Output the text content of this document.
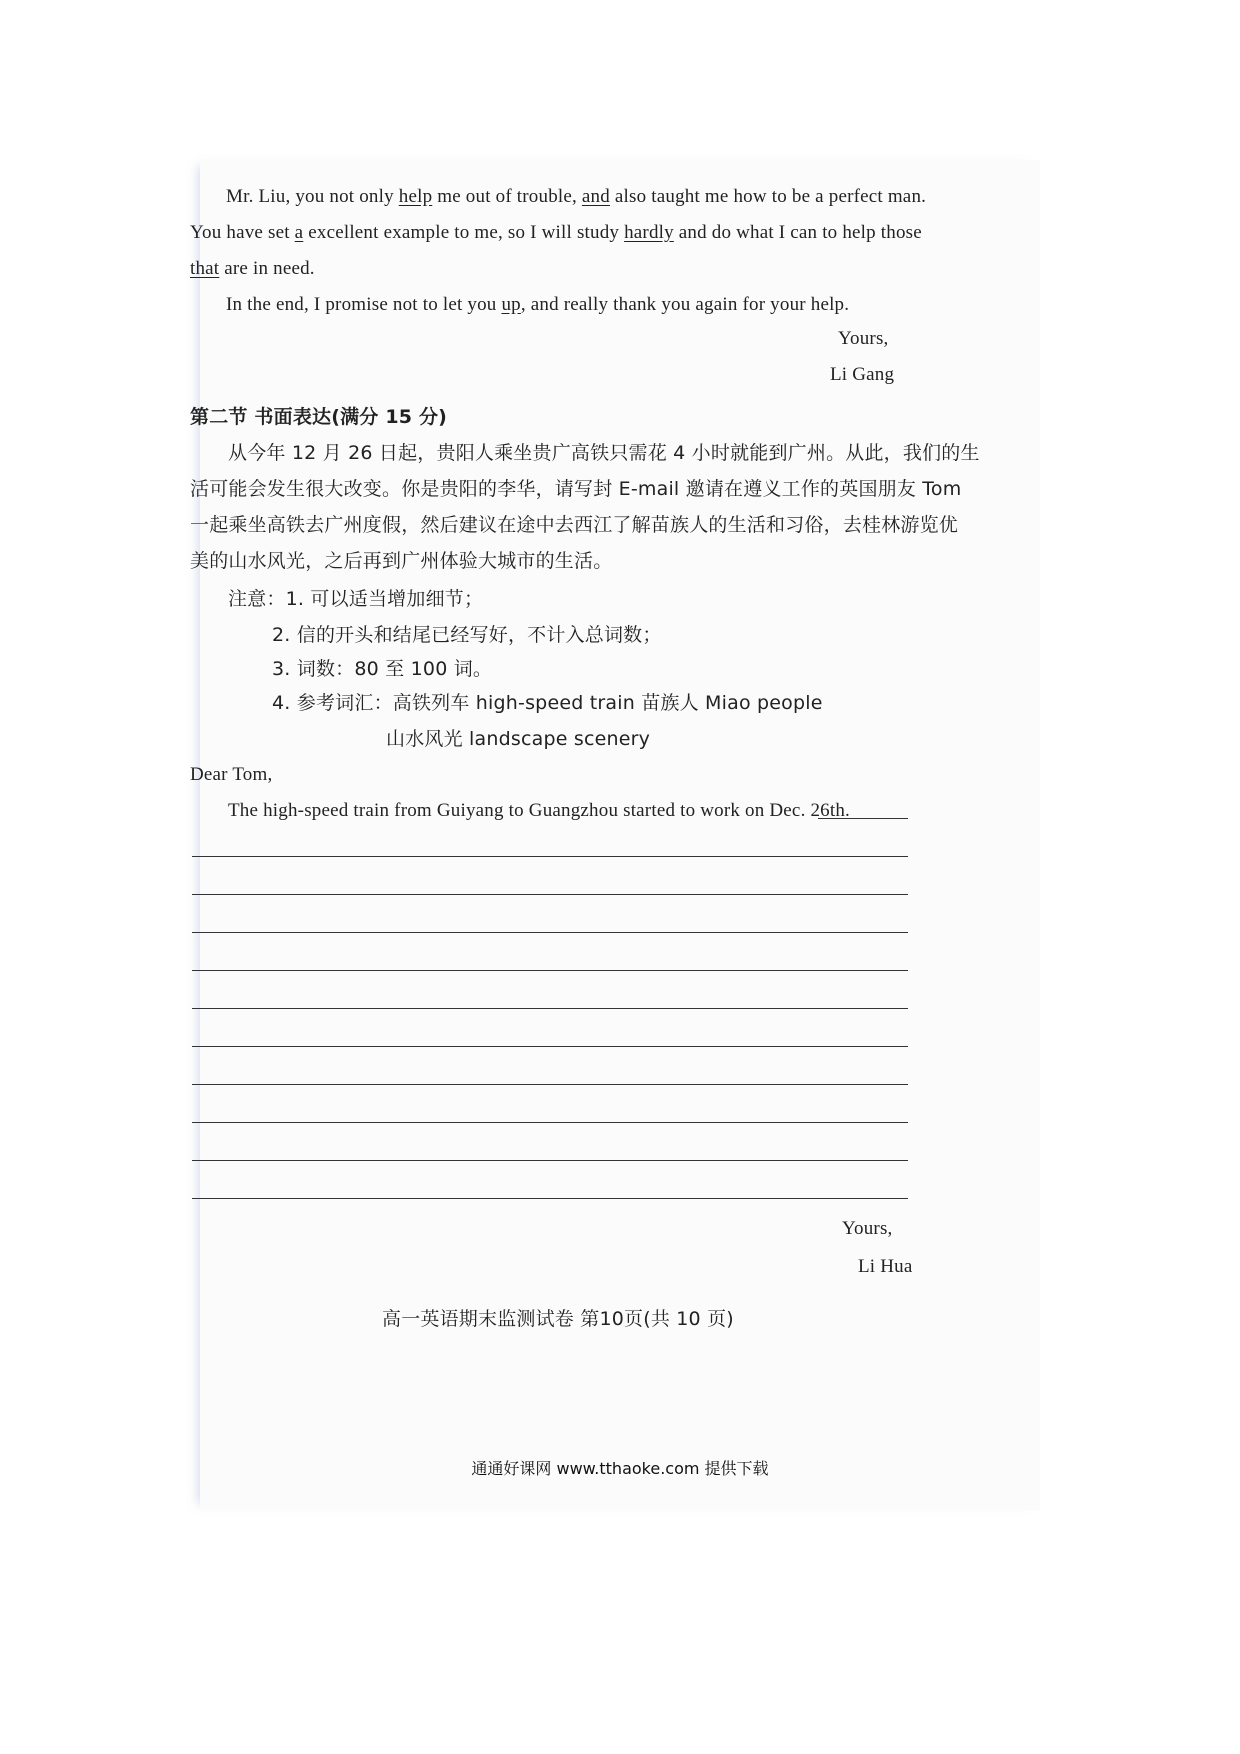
Mr. Liu, you not only help me out of trouble, and also taught me how to be a perfect man.
You have set a excellent example to me, so I will study hardly and do what I can to help those
that are in need.
In the end, I promise not to let you up, and really thank you again for your help.
Yours,
Li Gang
第二节 书面表达(满分 15 分)
从今年 12 月 26 日起，贵阳人乘坐贵广高铁只需花 4 小时就能到广州。从此，我们的生
活可能会发生很大改变。你是贵阳的李华，请写封 E-mail 邀请在遵义工作的英国朋友 Tom
一起乘坐高铁去广州度假，然后建议在途中去西江了解苗族人的生活和习俗，去桂林游览优
美的山水风光，之后再到广州体验大城市的生活。
注意：1. 可以适当增加细节；
2. 信的开头和结尾已经写好，不计入总词数；
3. 词数：80 至 100 词。
4. 参考词汇：高铁列车 high-speed train 苗族人 Miao people
山水风光 landscape scenery
Dear Tom,
The high-speed train from Guiyang to Guangzhou started to work on Dec. 26th.
Yours,
Li Hua
高一英语期末监测试卷 第10页(共 10 页)
通通好课网 www.tthaoke.com 提供下载
